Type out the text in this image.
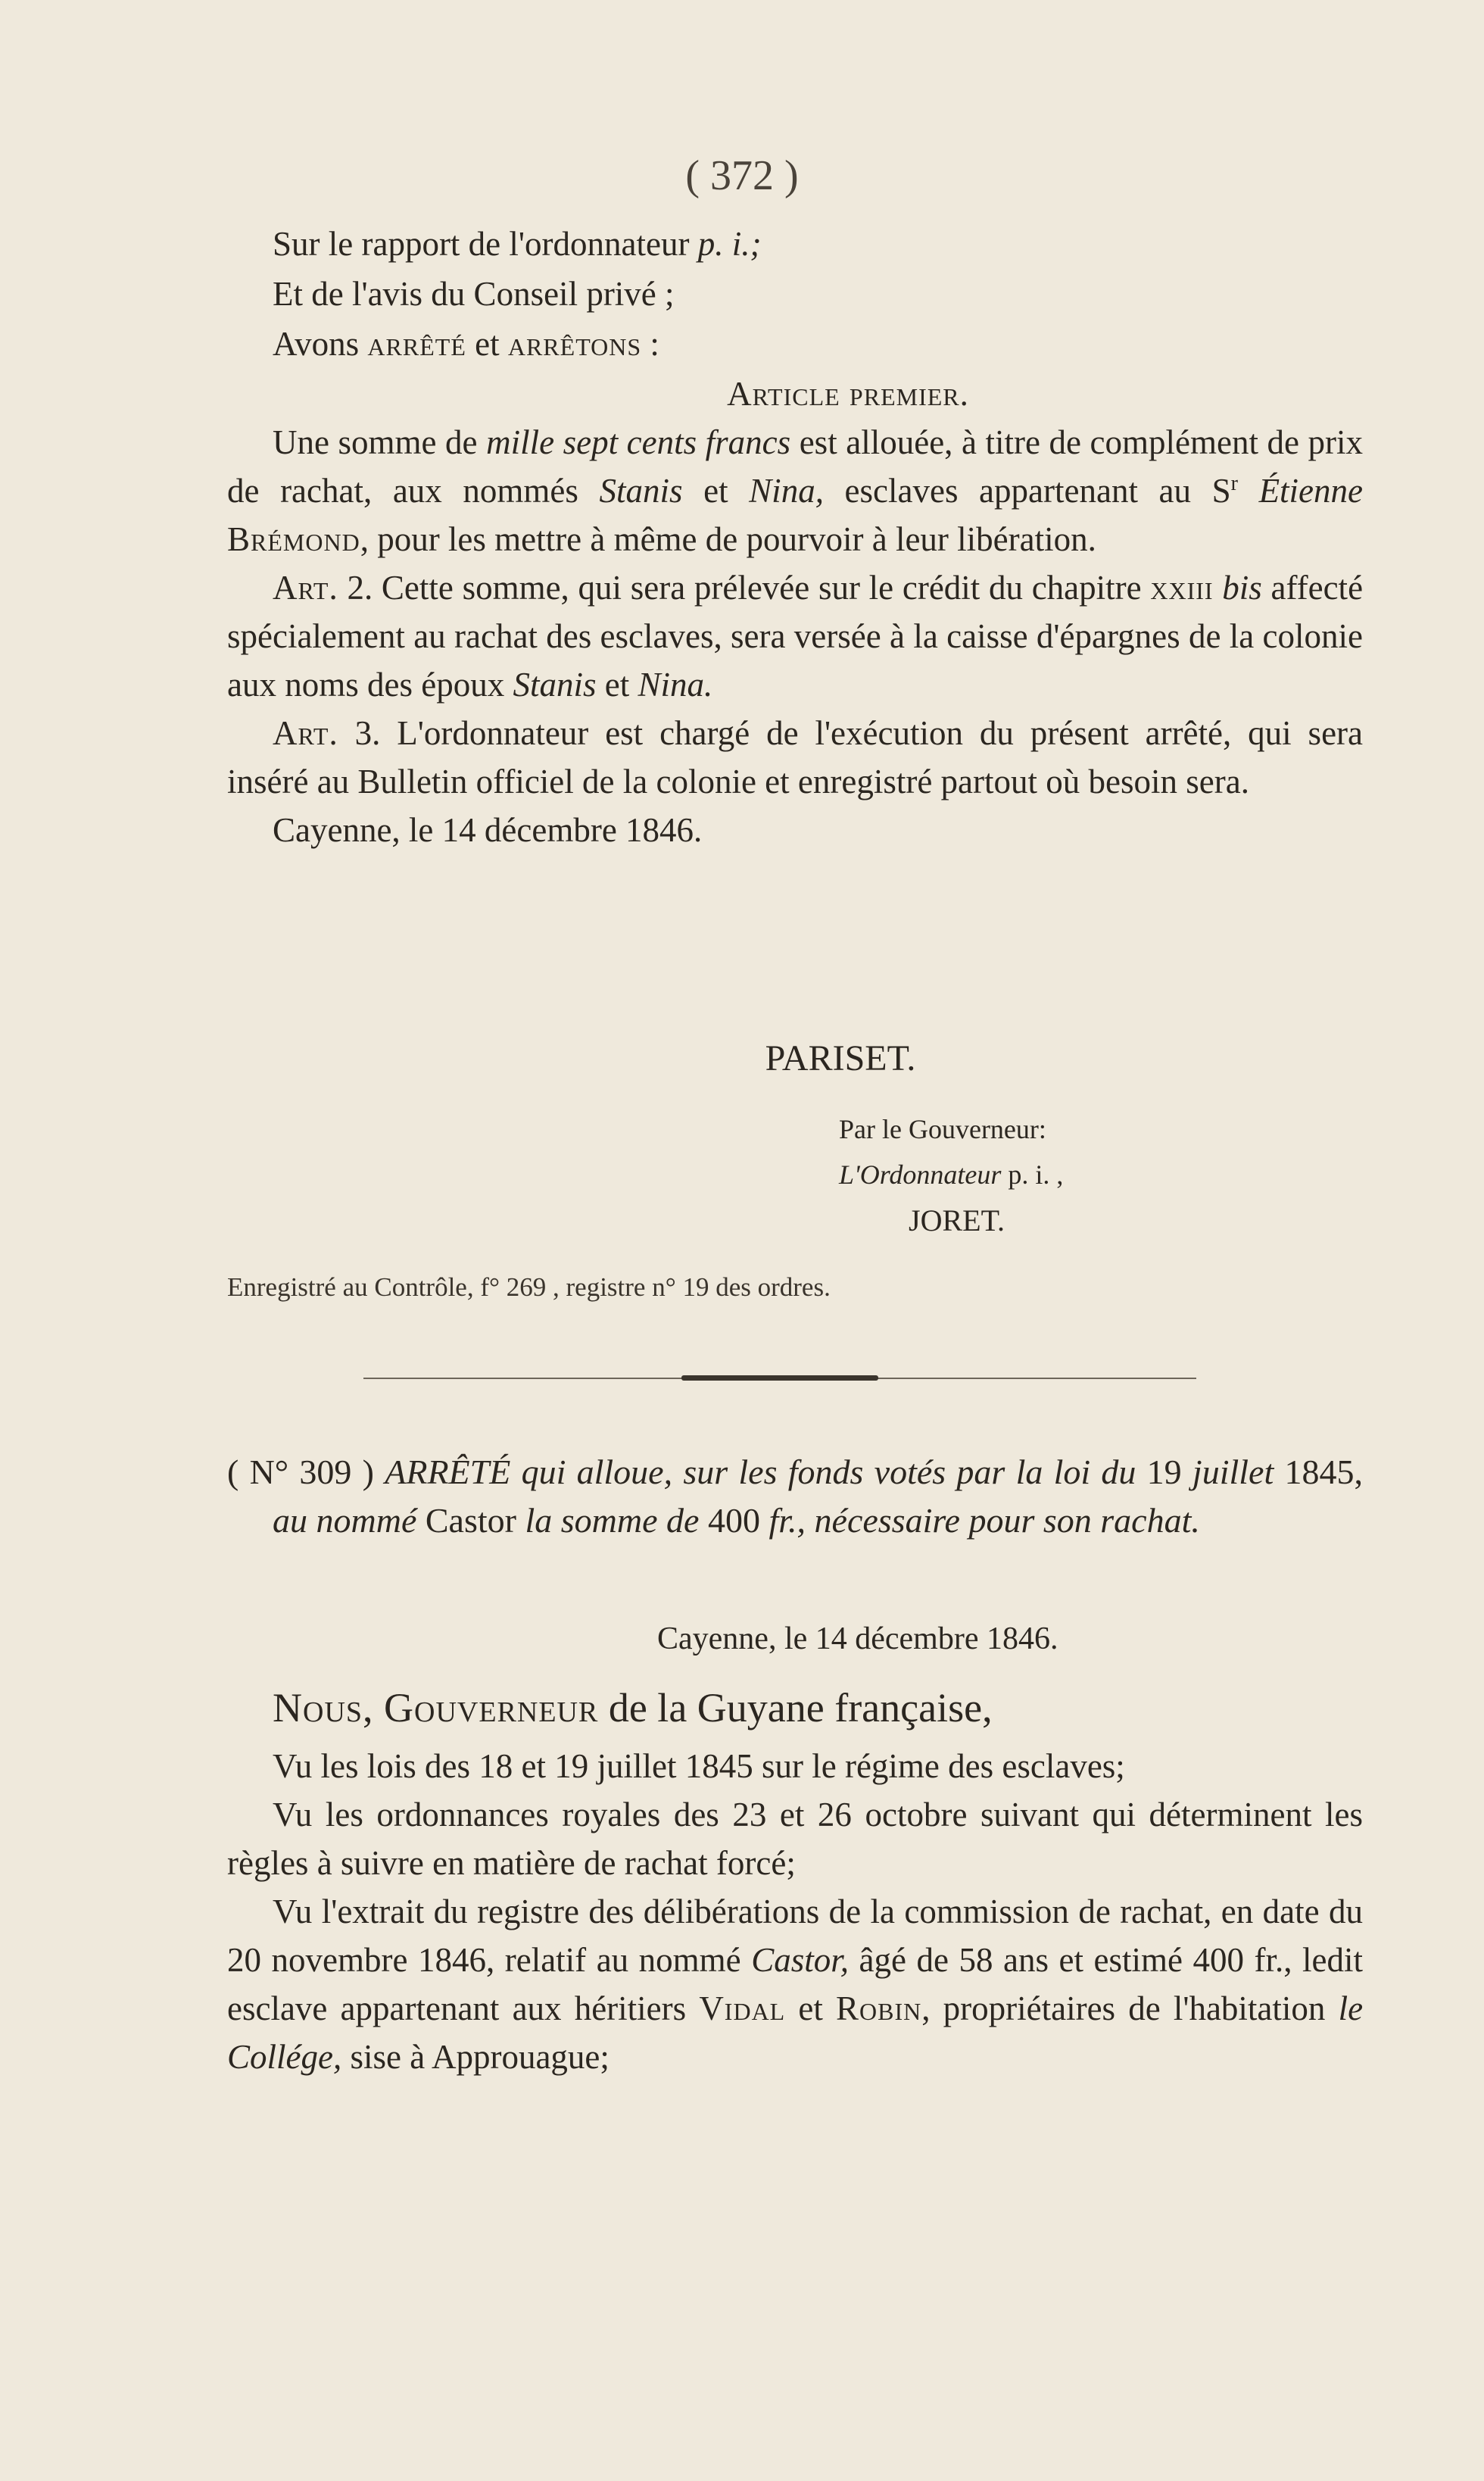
( 372 )

Sur le rapport de l'ordonnateur p. i.;

Et de l'avis du Conseil privé ;

Avons arrêté et arrêtons :

Article premier.

Une somme de mille sept cents francs est allouée, à titre de complément de prix de rachat, aux nommés Stanis et Nina, esclaves appartenant au $S^r$ Étienne Brémond, pour les mettre à même de pourvoir à leur libération.

Art. 2. Cette somme, qui sera prélevée sur le crédit du chapitre xxiii bis affecté spécialement au rachat des esclaves, sera versée à la caisse d'épargnes de la colonie aux noms des époux Stanis et Nina.

Art. 3. L'ordonnateur est chargé de l'exécution du présent arrêté, qui sera inséré au Bulletin officiel de la colonie et enregistré partout où besoin sera.

Cayenne, le 14 décembre 1846.

PARISET.
Par le Gouverneur:
L'Ordonnateur p. i. ,
JORET.
Enregistré au Contrôle, f° 269 , registre n° 19 des ordres.

( N° 309 ) ARRÊTÉ qui alloue, sur les fonds votés par la loi du 19 juillet 1845, au nommé Castor la somme de 400 fr., nécessaire pour son rachat.

Cayenne, le 14 décembre 1846.

Nous, Gouverneur de la Guyane française,

Vu les lois des 18 et 19 juillet 1845 sur le régime des esclaves;

Vu les ordonnances royales des 23 et 26 octobre suivant qui déterminent les règles à suivre en matière de rachat forcé;

Vu l'extrait du registre des délibérations de la commission de rachat, en date du 20 novembre 1846, relatif au nommé Castor, âgé de 58 ans et estimé 400 fr., ledit esclave appartenant aux héritiers Vidal et Robin, propriétaires de l'habitation le Collége, sise à Approuague;
